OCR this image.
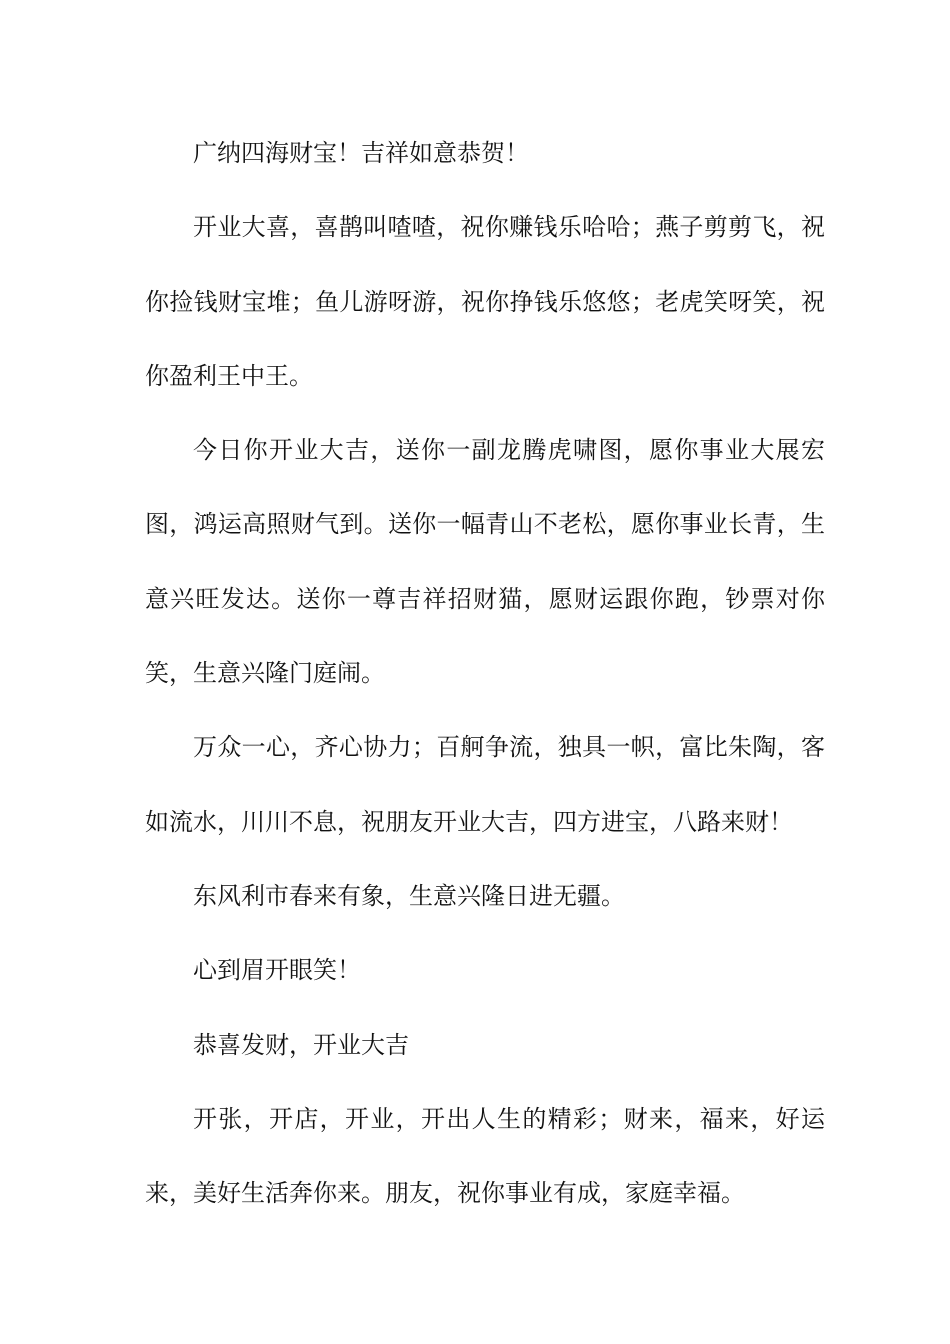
广纳四海财宝！吉祥如意恭贺！

开业大喜，喜鹊叫喳喳，祝你赚钱乐哈哈；燕子剪剪飞，祝你捡钱财宝堆；鱼儿游呀游，祝你挣钱乐悠悠；老虎笑呀笑，祝你盈利王中王。

今日你开业大吉，送你一副龙腾虎啸图，愿你事业大展宏图，鸿运高照财气到。送你一幅青山不老松，愿你事业长青，生意兴旺发达。送你一尊吉祥招财猫，愿财运跟你跑，钞票对你笑，生意兴隆门庭闹。

万众一心，齐心协力；百舸争流，独具一帜，富比朱陶，客如流水，川川不息，祝朋友开业大吉，四方进宝，八路来财！

东风利市春来有象，生意兴隆日进无疆。

心到眉开眼笑！

恭喜发财，开业大吉

开张，开店，开业，开出人生的精彩；财来，福来，好运来，美好生活奔你来。朋友，祝你事业有成，家庭幸福。
